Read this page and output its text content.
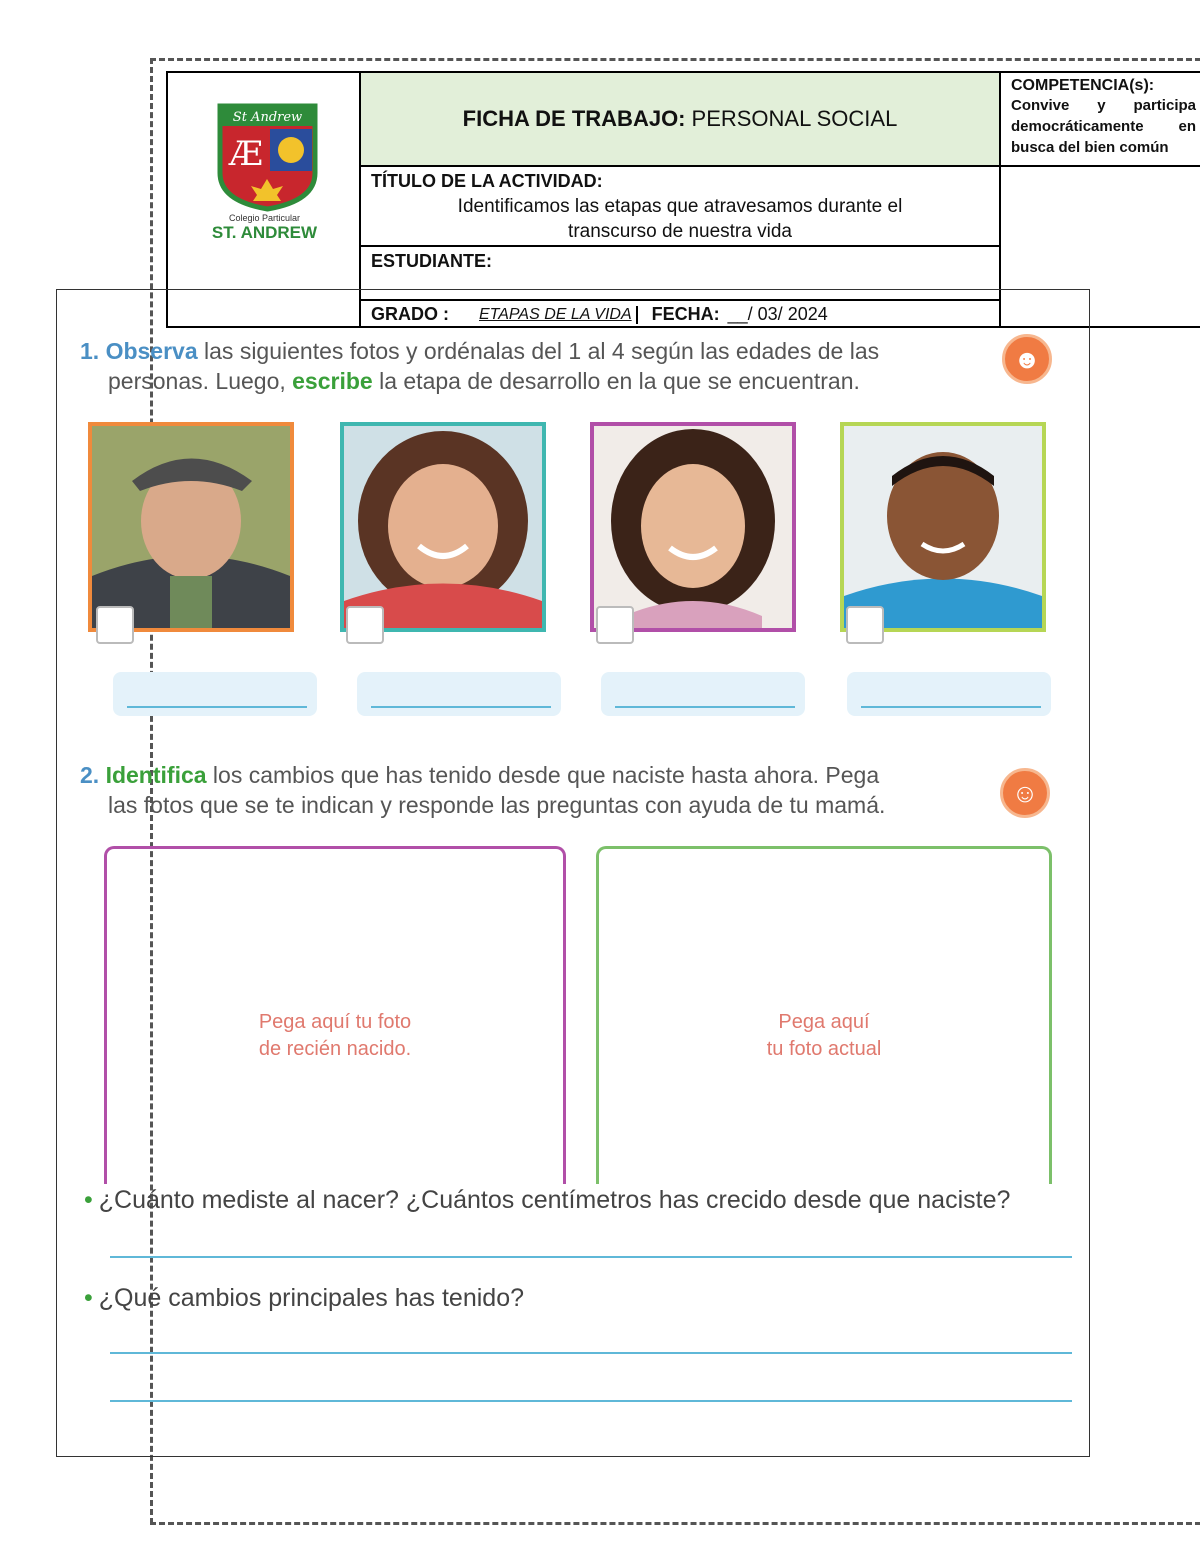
St Andrew
Æ
Colegio Particular
ST. ANDREW
FICHA DE TRABAJO: PERSONAL SOCIAL
TÍTULO DE LA ACTIVIDAD:
Identificamos las etapas que atravesamos durante el
transcurso de nuestra vida
ESTUDIANTE:
GRADO : ETAPAS DE LA VIDA	FECHA: __/ 03/ 2024
COMPETENCIA(s):
Convive y participa democráticamente en busca del bien común
1. Observa las siguientes fotos y ordénalas del 1 al 4 según las edades de las
personas. Luego, escribe la etapa de desarrollo en la que se encuentran.
☻
2. Identifica los cambios que has tenido desde que naciste hasta ahora. Pega
las fotos que se te indican y responde las preguntas con ayuda de tu mamá.	☺
Pega aquí tu foto
de recién nacido.
Pega aquí
tu foto actual
• ¿Cuánto mediste al nacer? ¿Cuántos centímetros has crecido desde que naciste?
• ¿Qué cambios principales has tenido?
